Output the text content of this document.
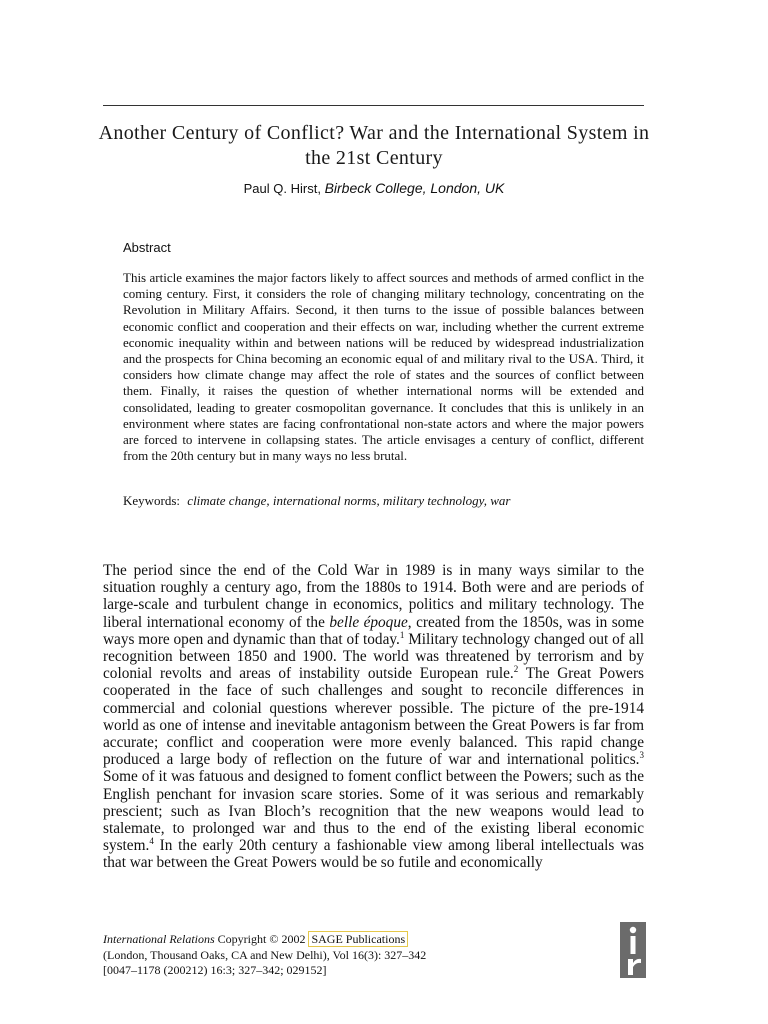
Another Century of Conflict? War and the International System in the 21st Century
Paul Q. Hirst, Birbeck College, London, UK
Abstract

This article examines the major factors likely to affect sources and methods of armed conflict in the coming century. First, it considers the role of changing military technology, concentrating on the Revolution in Military Affairs. Second, it then turns to the issue of possible balances between economic conflict and cooperation and their effects on war, including whether the current extreme economic inequality within and between nations will be reduced by widespread industrialization and the prospects for China becoming an economic equal of and military rival to the USA. Third, it considers how climate change may affect the role of states and the sources of conflict between them. Finally, it raises the question of whether international norms will be extended and consolidated, leading to greater cosmopolitan governance. It concludes that this is unlikely in an environment where states are facing confrontational non-state actors and where the major powers are forced to intervene in collapsing states. The article envisages a century of conflict, different from the 20th century but in many ways no less brutal.

Keywords: climate change, international norms, military technology, war

The period since the end of the Cold War in 1989 is in many ways similar to the situation roughly a century ago, from the 1880s to 1914. Both were and are periods of large-scale and turbulent change in economics, politics and military technology. The liberal international economy of the belle époque, created from the 1850s, was in some ways more open and dynamic than that of today.$^1$ Military technology changed out of all recognition between 1850 and 1900. The world was threatened by terrorism and by colonial revolts and areas of instability outside European rule.$^2$ The Great Powers cooperated in the face of such challenges and sought to reconcile differences in commercial and colonial questions wherever possible. The picture of the pre-1914 world as one of intense and inevitable antagonism between the Great Powers is far from accurate; conflict and cooperation were more evenly balanced. This rapid change produced a large body of reflection on the future of war and international politics.$^3$ Some of it was fatuous and designed to foment conflict between the Powers; such as the English penchant for invasion scare stories. Some of it was serious and remarkably prescient; such as Ivan Bloch’s recognition that the new weapons would lead to stalemate, to prolonged war and thus to the end of the existing liberal economic system.$^4$ In the early 20th century a fashionable view among liberal intellectuals was that war between the Great Powers would be so futile and economically

International Relations Copyright © 2002 SAGE Publications
(London, Thousand Oaks, CA and New Delhi), Vol 16(3): 327–342
[0047–1178 (200212) 16:3; 327–342; 029152]
